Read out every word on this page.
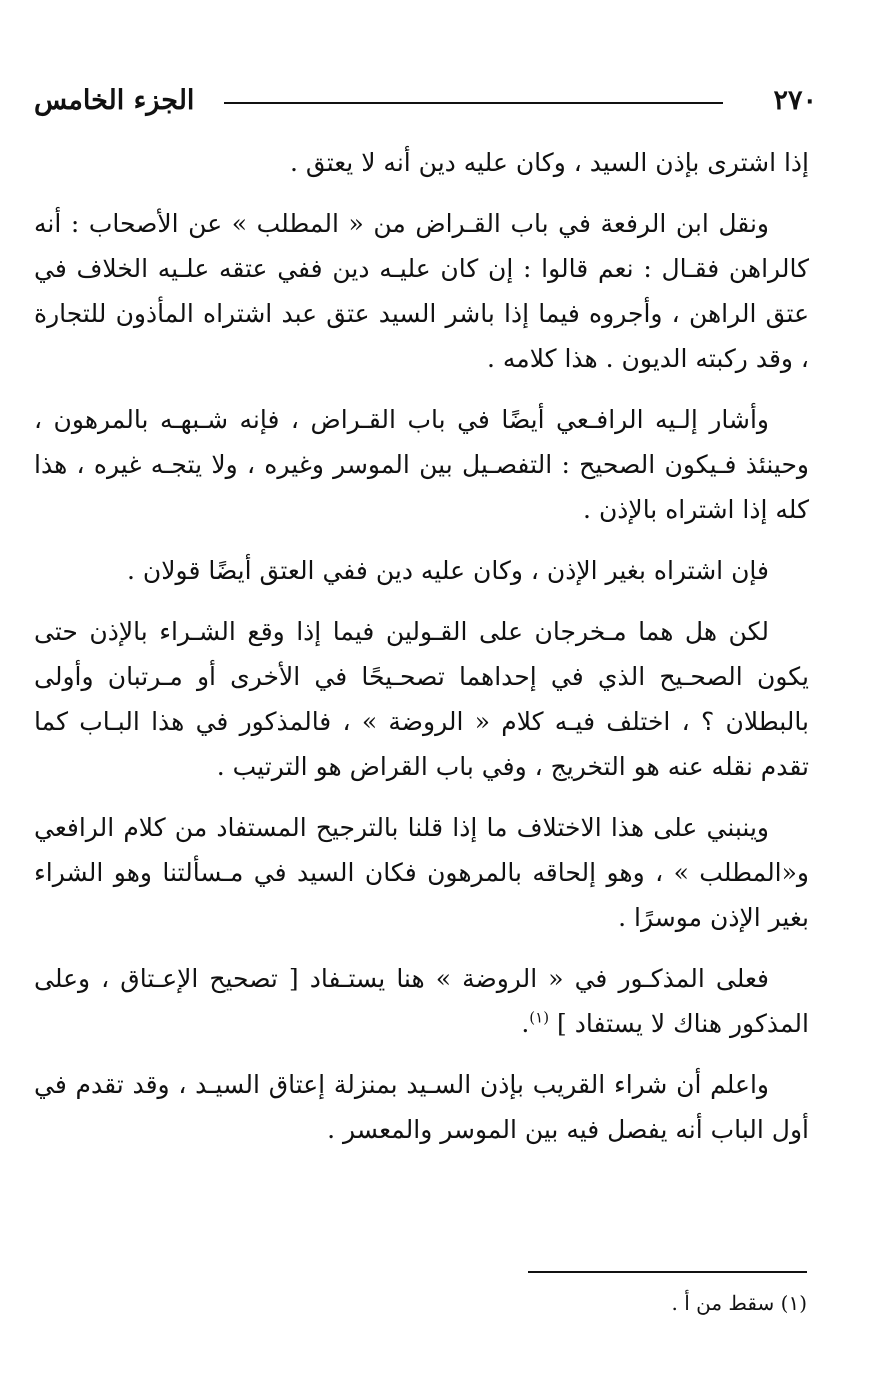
٢٧٠
الجزء الخامس

إذا اشترى بإذن السيد ، وكان عليه دين أنه لا يعتق .

ونقل ابن الرفعة في باب القـراض من « المطلب » عن الأصحاب : أنه كالراهن فقـال : نعم قالوا : إن كان عليـه دين ففي عتقه علـيه الخلاف في عتق الراهن ، وأجروه فيما إذا باشر السيد عتق عبد اشتراه المأذون للتجارة ، وقد ركبته الديون . هذا كلامه .

وأشار إلـيه الرافـعي أيضًا في باب القـراض ، فإنه شـبهـه بالمرهون ، وحينئذ فـيكون الصحيح : التفصـيل بين الموسر وغيره ، ولا يتجـه غيره ، هذا كله إذا اشتراه بالإذن .

فإن اشتراه بغير الإذن ، وكان عليه دين ففي العتق أيضًا قولان .

لكن هل هما مـخرجان على القـولين فيما إذا وقع الشـراء بالإذن حتى يكون الصحـيح الذي في إحداهما تصحـيحًا في الأخرى أو مـرتبان وأولى بالبطلان ؟ ، اختلف فيـه كلام « الروضة » ، فالمذكور في هذا البـاب كما تقدم نقله عنه هو التخريج ، وفي باب القراض هو الترتيب .

وينبني على هذا الاختلاف ما إذا قلنا بالترجيح المستفاد من كلام الرافعي و«المطلب » ، وهو إلحاقه بالمرهون فكان السيد في مـسألتنا وهو الشراء بغير الإذن موسرًا .

فعلى المذكـور في « الروضة » هنا يستـفاد [ تصحيح الإعـتاق ، وعلى المذكور هناك لا يستفاد ] $^{(١)}$.

واعلم أن شراء القريب بإذن السـيد بمنزلة إعتاق السيـد ، وقد تقدم في أول الباب أنه يفصل فيه بين الموسر والمعسر .

(١) سقط من أ .
